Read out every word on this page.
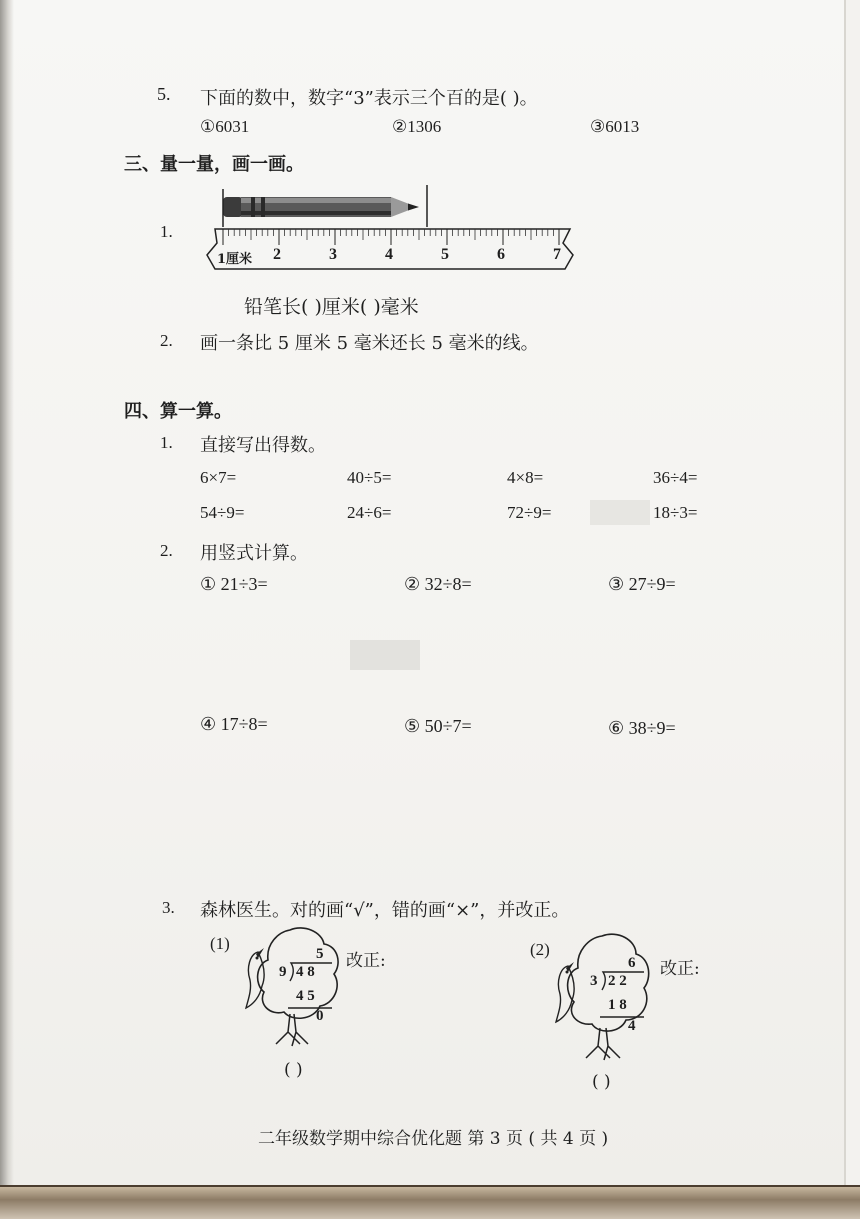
5. 下面的数中，数字“3”表示三个百的是( )。
①6031	②1306	③6013
三、量一量，画一画。
1.
1厘米 2	3	4	5	6	7
铅笔长( )厘米( )毫米
2. 画一条比 5 厘米 5 毫米还长 5 毫米的线。
四、算一算。
1. 直接写出得数。
6×7=	40÷5=	4×8=	36÷4=
54÷9=	24÷6=	72÷9=	18÷3=
2. 用竖式计算。
① 21÷3=	② 32÷8=	③ 27÷9=
④ 17÷8=	⑤ 50÷7=	⑥ 38÷9=
3. 森林医生。对的画“√”，错的画“×”，并改正。
(1)
5
9 4 8
4 5
0
改正:
( )
(2)
6
3 2 2
1 8
4
改正:
( )
二年级数学期中综合优化题 第 3 页 ( 共 4 页 )
